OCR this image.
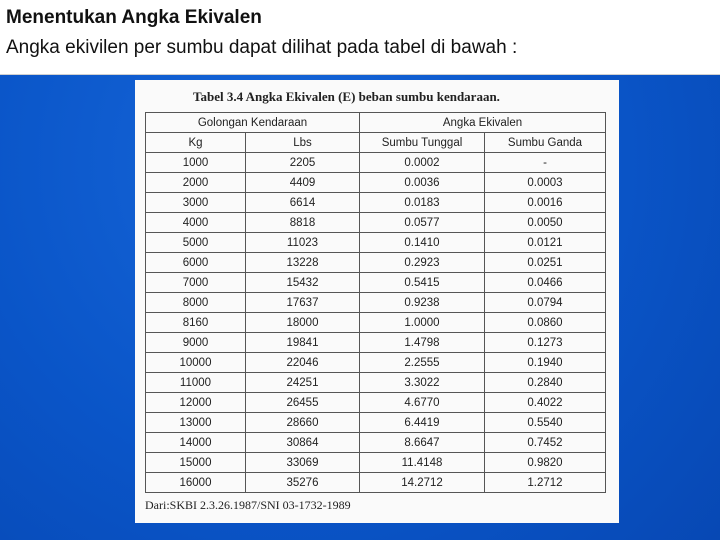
Menentukan Angka Ekivalen
Angka ekivilen per sumbu dapat dilihat pada tabel di bawah :
Tabel 3.4 Angka Ekivalen (E) beban sumbu kendaraan.
Golongan Kendaraan		Angka Ekivalen	
Kg	Lbs	Sumbu Tunggal	Sumbu Ganda
1000	2205	0.0002	-
2000	4409	0.0036	0.0003
3000	6614	0.0183	0.0016
4000	8818	0.0577	0.0050
5000	11023	0.1410	0.0121
6000	13228	0.2923	0.0251
7000	15432	0.5415	0.0466
8000	17637	0.9238	0.0794
8160	18000	1.0000	0.0860
9000	19841	1.4798	0.1273
10000	22046	2.2555	0.1940
11000	24251	3.3022	0.2840
12000	26455	4.6770	0.4022
13000	28660	6.4419	0.5540
14000	30864	8.6647	0.7452
15000	33069	11.4148	0.9820
16000	35276	14.2712	1.2712
Dari:SKBI 2.3.26.1987/SNI 03-1732-1989
